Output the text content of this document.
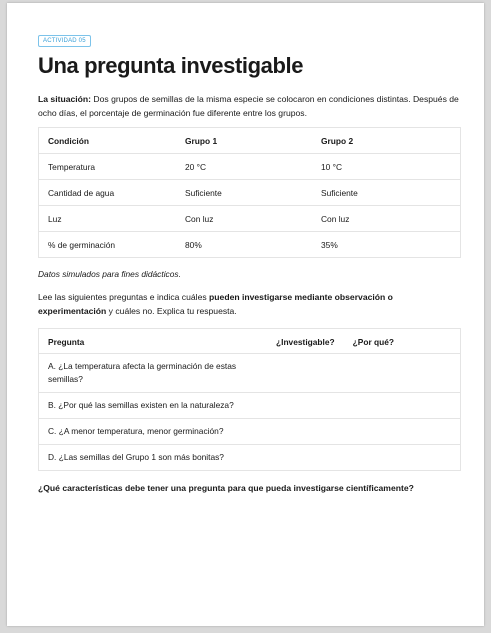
ACTIVIDAD 05
Una pregunta investigable
La situación: Dos grupos de semillas de la misma especie se colocaron en condiciones distintas. Después de ocho días, el porcentaje de germinación fue diferente entre los grupos.
Condición	Grupo 1	Grupo 2
Temperatura	20 °C	10 °C
Cantidad de agua	Suficiente	Suficiente
Luz	Con luz	Con luz
% de germinación	80%	35%
Datos simulados para fines didácticos.
Lee las siguientes preguntas e indica cuáles pueden investigarse mediante observación o experimentación y cuáles no. Explica tu respuesta.
Pregunta	¿Investigable?	¿Por qué?
A. ¿La temperatura afecta la germinación de estas semillas?		
B. ¿Por qué las semillas existen en la naturaleza?		
C. ¿A menor temperatura, menor germinación?		
D. ¿Las semillas del Grupo 1 son más bonitas?		
¿Qué características debe tener una pregunta para que pueda investigarse científicamente?
